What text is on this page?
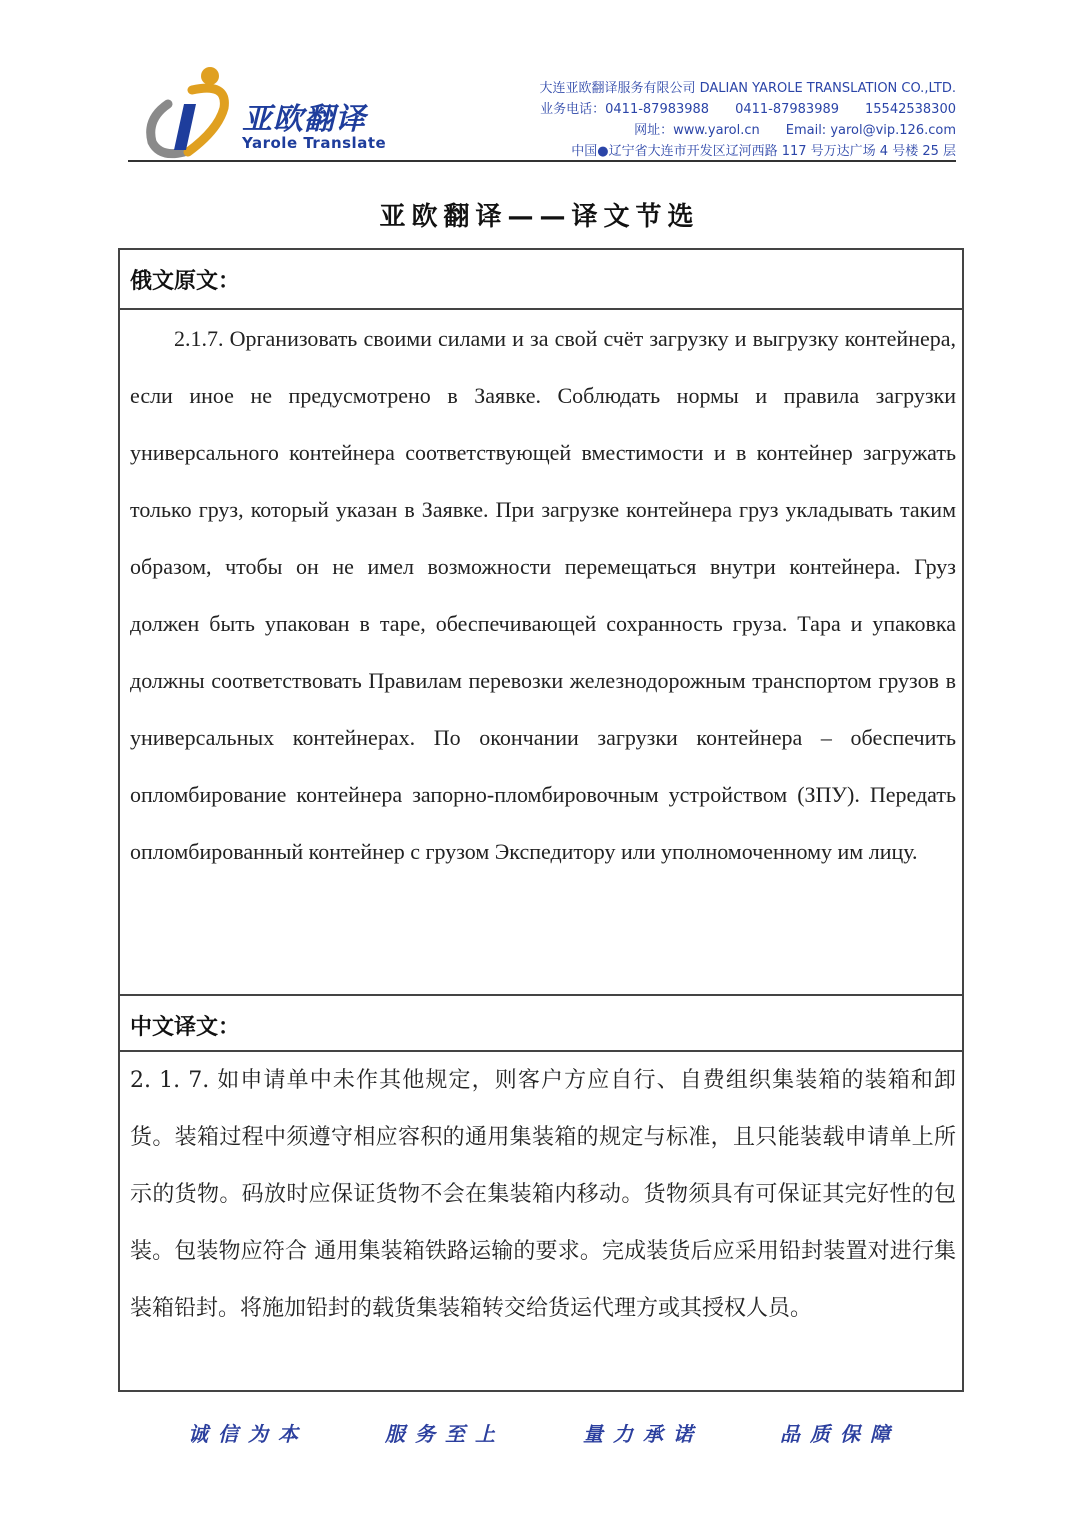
亚欧翻译
Yarole Translate
大连亚欧翻译服务有限公司 DALIAN YAROLE TRANSLATION CO.,LTD.
业务电话：0411-87983988　　0411-87983989　　15542538300
网址：www.yarol.cn　　Email: yarol@vip.126.com
中国●辽宁省大连市开发区辽河西路 117 号万达广场 4 号楼 25 层
亚欧翻译——译文节选
俄文原文：

2.1.7. Организовать своими силами и за свой счёт загрузку и выгрузку контейнера, если иное не предусмотрено в Заявке. Соблюдать нормы и правила загрузки универсального контейнера соответствующей вместимости и в контейнер загружать только груз, который указан в Заявке. При загрузке контейнера груз укладывать таким образом, чтобы он не имел возможности перемещаться внутри контейнера. Груз должен быть упакован в таре, обеспечивающей сохранность груза. Тара и упаковка должны соответствовать Правилам перевозки железнодорожным транспортом грузов в универсальных контейнерах. По окончании загрузки контейнера – обеспечить опломбирование контейнера запорно-пломбировочным устройством (ЗПУ). Передать опломбированный контейнер с грузом Экспедитору или уполномоченному им лицу.

中文译文：

2. 1. 7. 如申请单中未作其他规定，则客户方应自行、自费组织集装箱的装箱和卸货。装箱过程中须遵守相应容积的通用集装箱的规定与标准，且只能装载申请单上所示的货物。码放时应保证货物不会在集装箱内移动。货物须具有可保证其完好性的包装。包装物应符合 通用集装箱铁路运输的要求。完成装货后应采用铅封装置对进行集装箱铅封。将施加铅封的载货集装箱转交给货运代理方或其授权人员。

诚信为本	服务至上	量力承诺	品质保障
